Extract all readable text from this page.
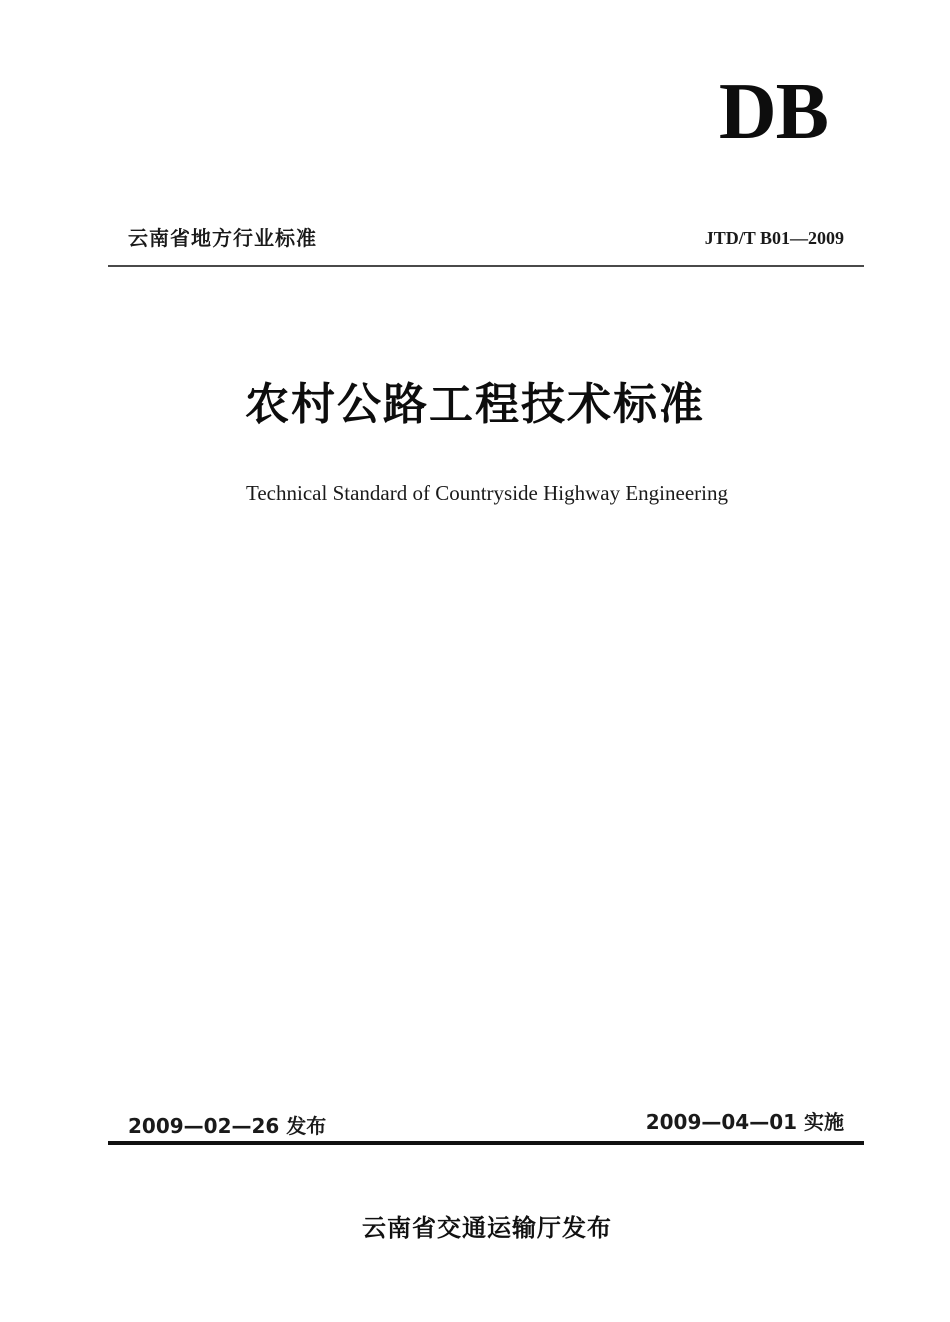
DB
云南省地方行业标准	JTD/T B01—2009
农村公路工程技术标准
Technical Standard of Countryside Highway Engineering
2009—02—26 发布	2009—04—01 实施
云南省交通运输厅发布
